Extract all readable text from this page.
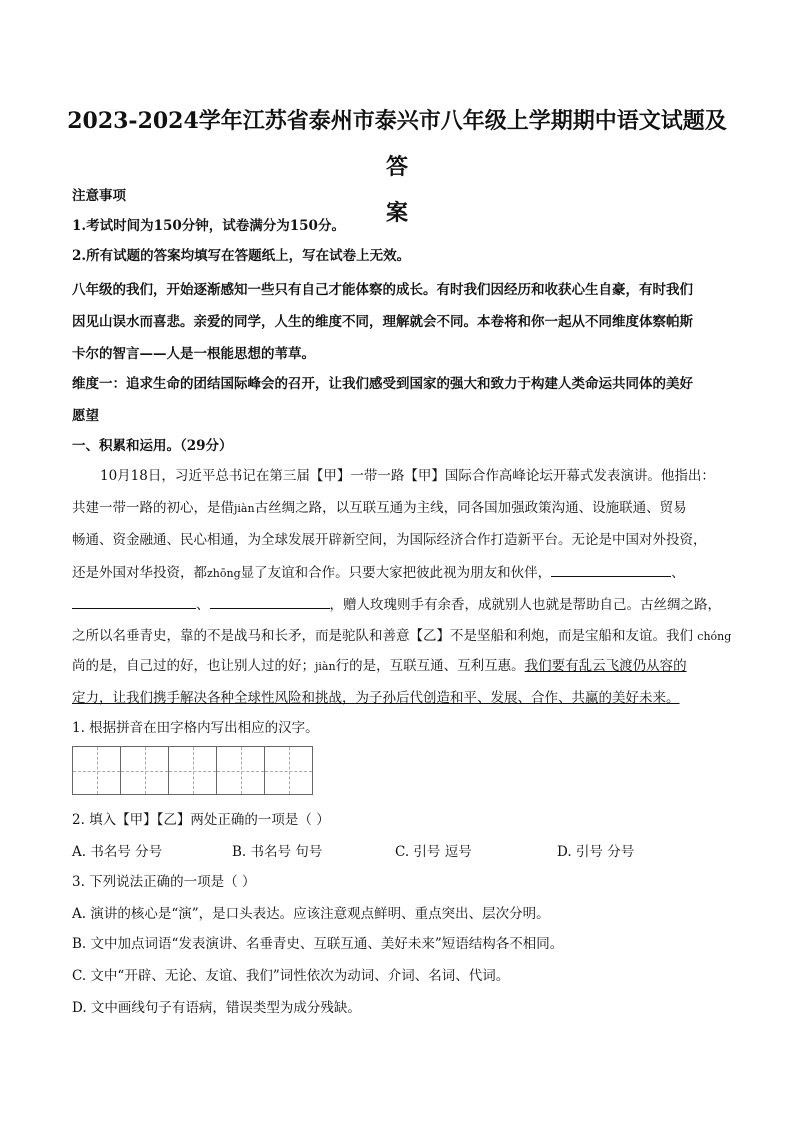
2023-2024学年江苏省泰州市泰兴市八年级上学期期中语文试题及答
案
注意事项
1.考试时间为150分钟，试卷满分为150分。
2.所有试题的答案均填写在答题纸上，写在试卷上无效。
八年级的我们，开始逐渐感知一些只有自己才能体察的成长。有时我们因经历和收获心生自豪，有时我们
因见山误水而喜悲。亲爱的同学，人生的维度不同，理解就会不同。本卷将和你一起从不同维度体察帕斯
卡尔的智言——人是一根能思想的苇草。
维度一：追求生命的团结国际峰会的召开，让我们感受到国家的强大和致力于构建人类命运共同体的美好
愿望
一、积累和运用。（29分）
10月18日，习近平总书记在第三届【甲】一带一路【甲】国际合作高峰论坛开幕式发表演讲。他指出：
共建一带一路的初心，是借jiàn古丝绸之路，以互联互通为主线，同各国加强政策沟通、设施联通、贸易
畅通、资金融通、民心相通，为全球发展开辟新空间，为国际经济合作打造新平台。无论是中国对外投资，
还是外国对华投资，都zhōng显了友谊和合作。只要大家把彼此视为朋友和伙伴，	、
、	，赠人玫瑰则手有余香，成就别人也就是帮助自己。古丝绸之路，
之所以名垂青史，靠的不是战马和长矛，而是驼队和善意【乙】不是坚船和利炮，而是宝船和友谊。我们 chóng
尚的是，自己过的好，也让别人过的好；jiàn行的是，互联互通、互利互惠。我们要有乱云飞渡仍从容的
定力，让我们携手解决各种全球性风险和挑战，为子孙后代创造和平、发展、合作、共赢的美好未来。
1. 根据拼音在田字格内写出相应的汉字。
2. 填入【甲】【乙】两处正确的一项是（ ）
A. 书名号 分号	B. 书名号 句号	C. 引号 逗号	D. 引号 分号
3. 下列说法正确的一项是（ ）
A. 演讲的核心是“演”，是口头表达。应该注意观点鲜明、重点突出、层次分明。
B. 文中加点词语“发表演讲、名垂青史、互联互通、美好未来”短语结构各不相同。
C. 文中“开辟、无论、友谊、我们”词性依次为动词、介词、名词、代词。
D. 文中画线句子有语病，错误类型为成分残缺。
